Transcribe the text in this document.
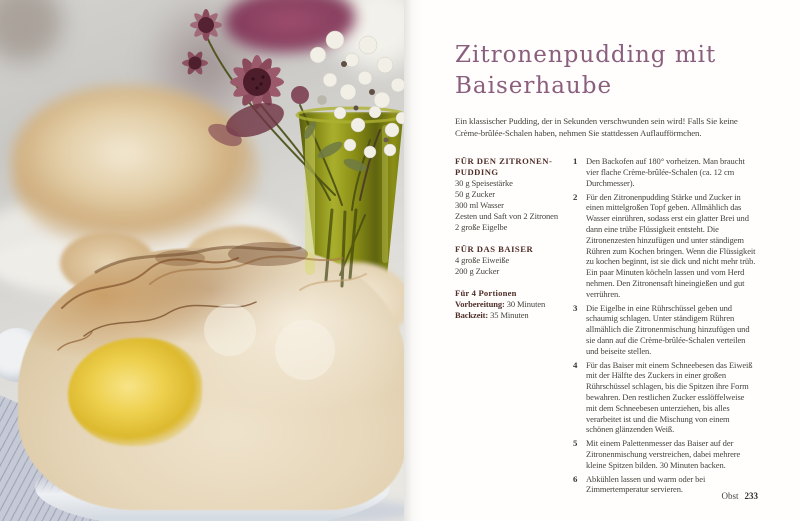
Zitronenpudding mit
Baiserhaube

Ein klassischer Pudding, der in Sekunden verschwunden sein wird! Falls Sie keine Crème-brûlée-Schalen haben, nehmen Sie stattdessen Auflaufförmchen.

FÜR DEN ZITRONEN-
PUDDING

30 g Speisestärke

50 g Zucker

300 ml Wasser

Zesten und Saft von 2 Zitronen

2 große Eigelbe

FÜR DAS BAISER

4 große Eiweiße

200 g Zucker

Für 4 Portionen

Vorbereitung: 30 Minuten

Backzeit: 35 Minuten

1	Den Backofen auf 180° vorheizen. Man braucht vier flache Crème-brûlée-Schalen (ca. 12 cm Durchmesser).
2	Für den Zitronenpudding Stärke und Zucker in einen mittelgroßen Topf geben. Allmählich das Wasser einrühren, sodass erst ein glatter Brei und dann eine trübe Flüssigkeit entsteht. Die Zitronenzesten hinzufügen und unter ständigem Rühren zum Kochen bringen. Wenn die Flüssigkeit zu kochen beginnt, ist sie dick und nicht mehr trüb. Ein paar Minuten köcheln lassen und vom Herd nehmen. Den Zitronensaft hineingießen und gut verrühren.
3	Die Eigelbe in eine Rührschüssel geben und schaumig schlagen. Unter ständigem Rühren allmählich die Zitronenmischung hinzufügen und sie dann auf die Crème-brûlée-Schalen verteilen und beiseite stellen.
4	Für das Baiser mit einem Schneebesen das Eiweiß mit der Hälfte des Zuckers in einer großen Rührschüssel schlagen, bis die Spitzen ihre Form bewahren. Den restlichen Zucker esslöffelweise mit dem Schneebesen unterziehen, bis alles verarbeitet ist und die Mischung von einem schönen glänzenden Weiß.
5	Mit einem Palettenmesser das Baiser auf der Zitronenmischung verstreichen, dabei mehrere kleine Spitzen bilden. 30 Minuten backen.
6	Abkühlen lassen und warm oder bei Zimmertemperatur servieren.
Obst 233
